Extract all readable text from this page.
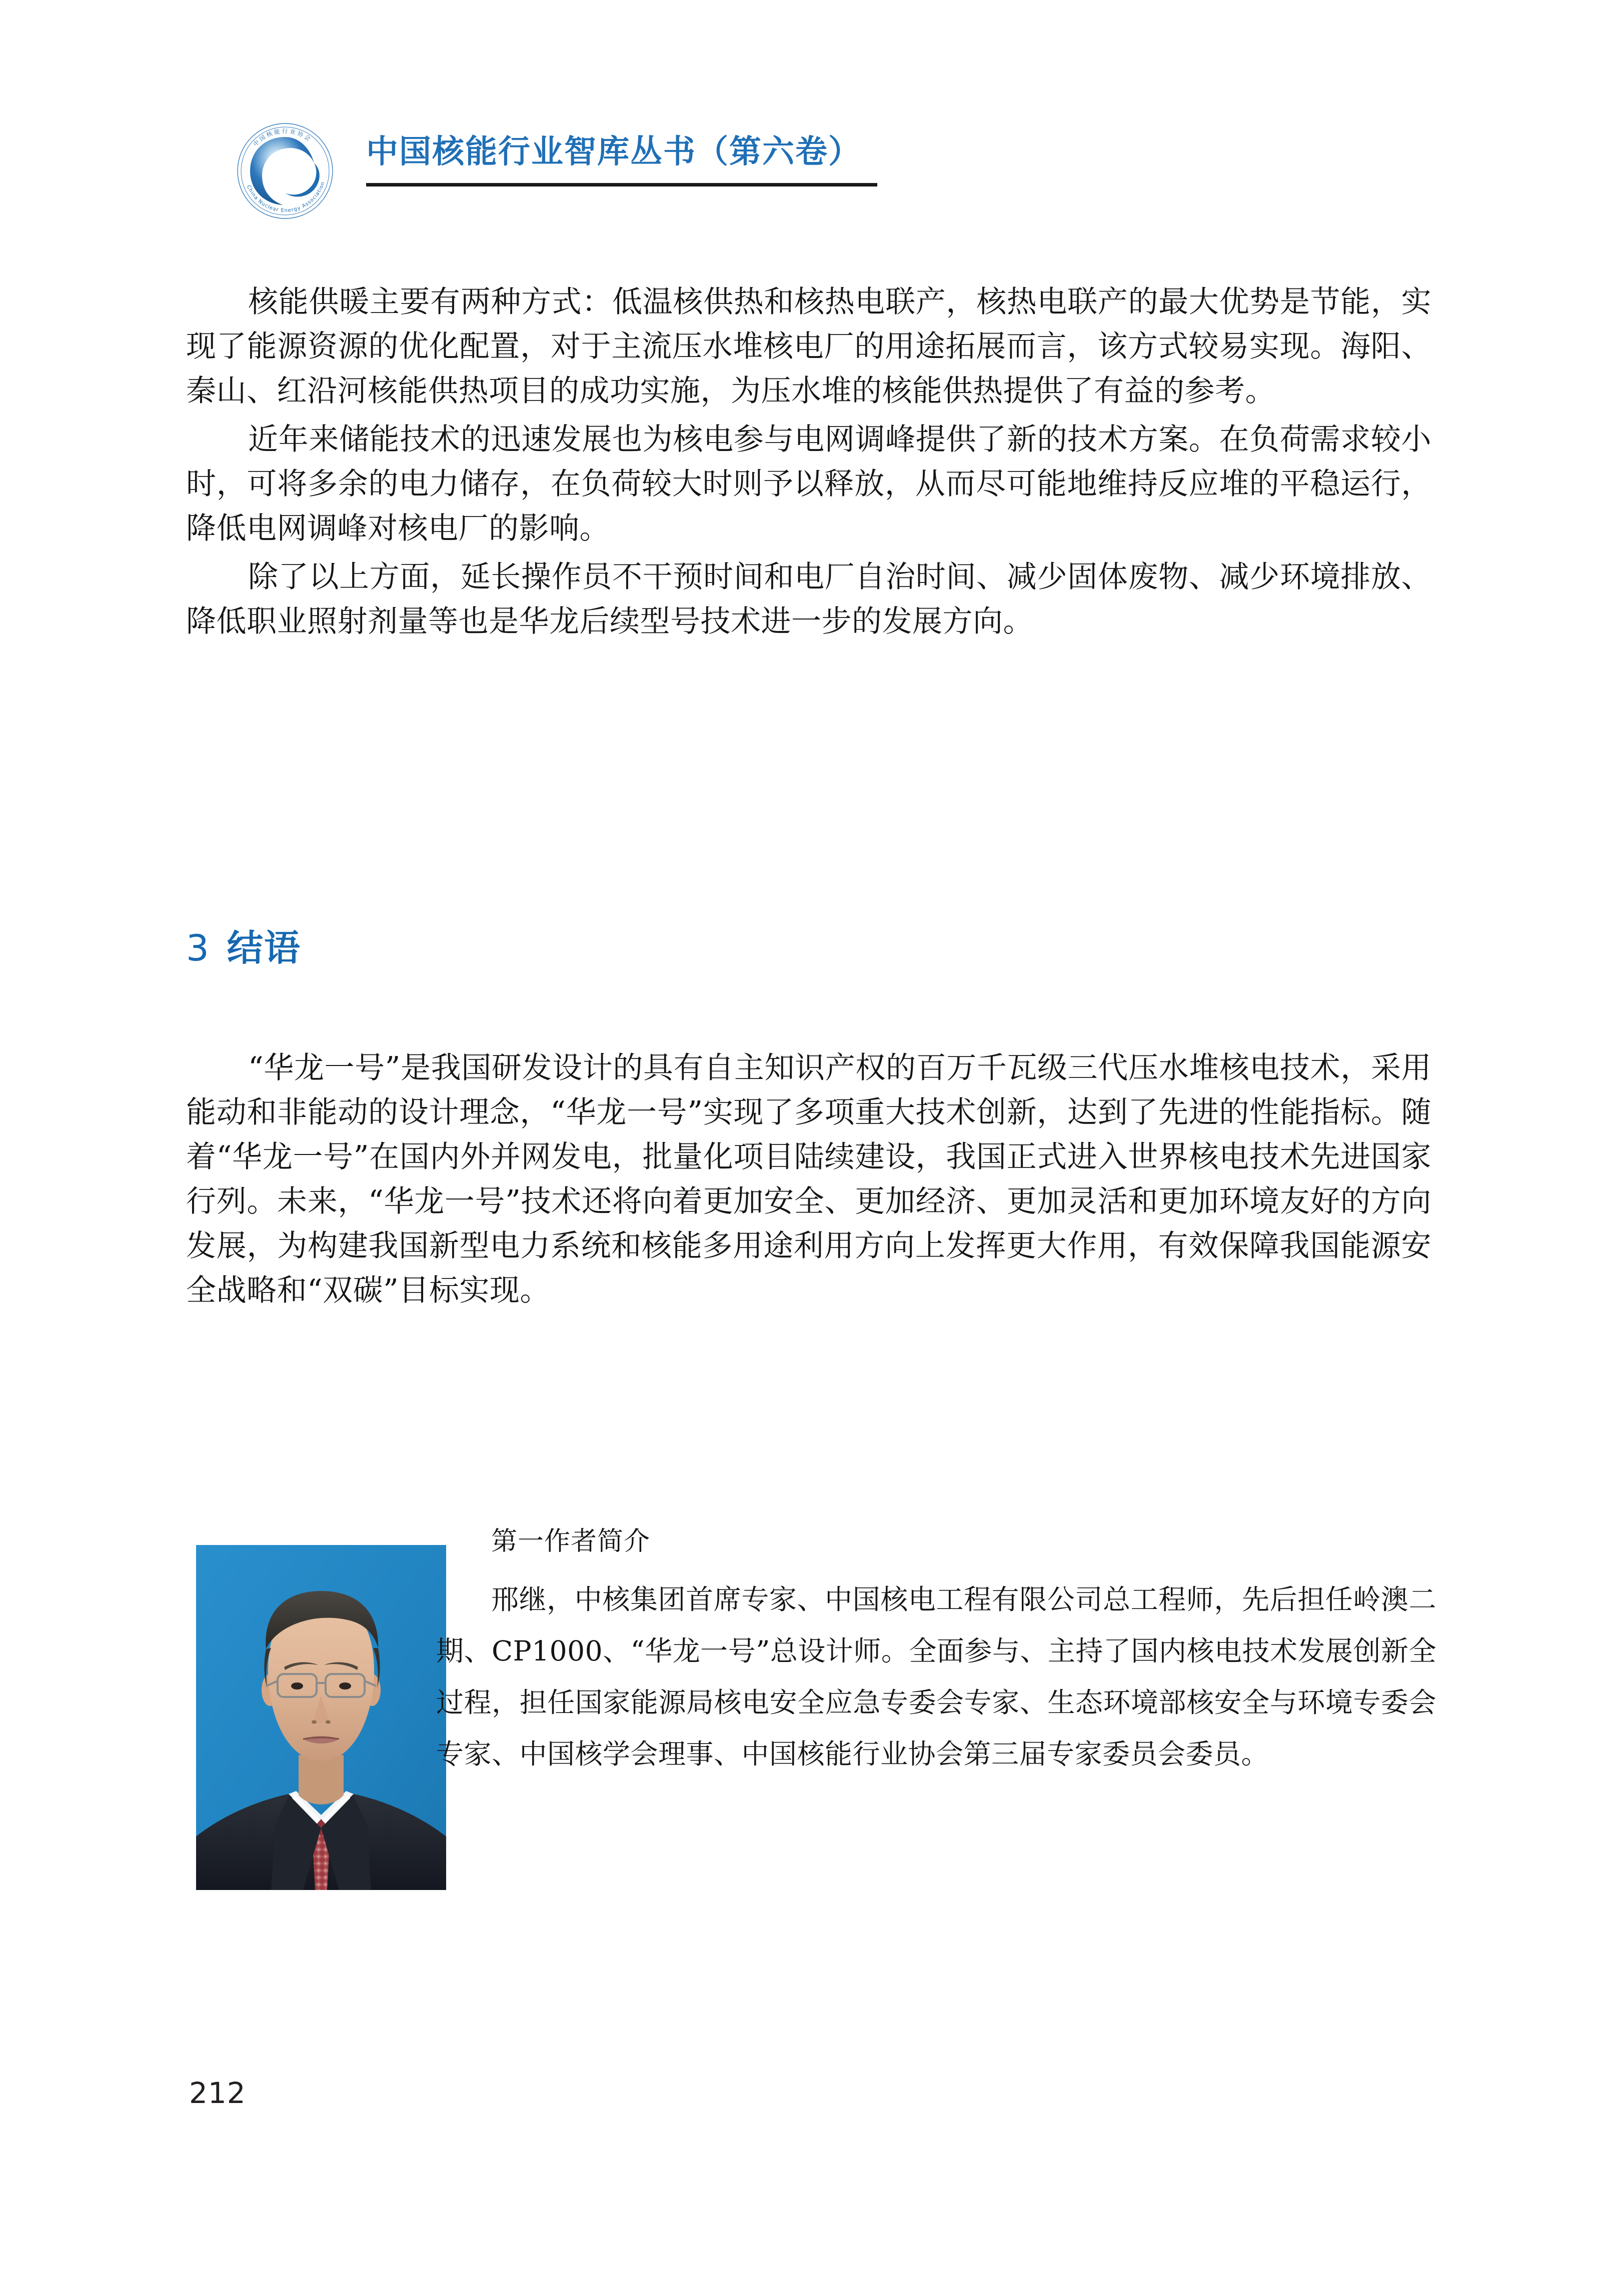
中国核能行业协会
China Nuclear Energy Association
中国核能行业智库丛书（第六卷）

核能供暖主要有两种方式：低温核供热和核热电联产，核热电联产的最大优势是节能，实现了能源资源的优化配置，对于主流压水堆核电厂的用途拓展而言，该方式较易实现。海阳、秦山、红沿河核能供热项目的成功实施，为压水堆的核能供热提供了有益的参考。

近年来储能技术的迅速发展也为核电参与电网调峰提供了新的技术方案。在负荷需求较小时，可将多余的电力储存，在负荷较大时则予以释放，从而尽可能地维持反应堆的平稳运行，降低电网调峰对核电厂的影响。

除了以上方面，延长操作员不干预时间和电厂自治时间、减少固体废物、减少环境排放、降低职业照射剂量等也是华龙后续型号技术进一步的发展方向。

3 结语

“华龙一号”是我国研发设计的具有自主知识产权的百万千瓦级三代压水堆核电技术，采用能动和非能动的设计理念，“华龙一号”实现了多项重大技术创新，达到了先进的性能指标。随着“华龙一号”在国内外并网发电，批量化项目陆续建设，我国正式进入世界核电技术先进国家行列。未来，“华龙一号”技术还将向着更加安全、更加经济、更加灵活和更加环境友好的方向发展，为构建我国新型电力系统和核能多用途利用方向上发挥更大作用，有效保障我国能源安全战略和“双碳”目标实现。

第一作者简介

邢继，中核集团首席专家、中国核电工程有限公司总工程师，先后担任岭澳二期、CP1000、“华龙一号”总设计师。全面参与、主持了国内核电技术发展创新全过程，担任国家能源局核电安全应急专委会专家、生态环境部核安全与环境专委会专家、中国核学会理事、中国核能行业协会第三届专家委员会委员。

212
